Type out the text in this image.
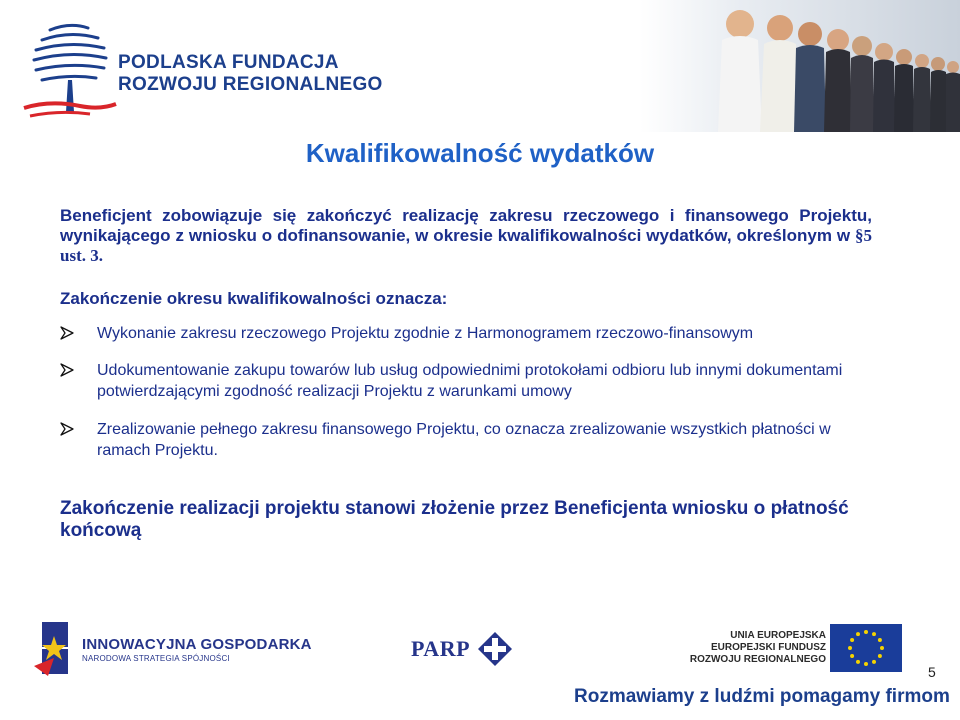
PODLASKA FUNDACJA
ROZWOJU REGIONALNEGO
Kwalifikowalność wydatków
Beneficjent zobowiązuje się zakończyć realizację zakresu rzeczowego i finansowego Projektu, wynikającego z wniosku o dofinansowanie, w okresie kwalifikowalności wydatków, określonym w §5 ust. 3.
Zakończenie okresu kwalifikowalności oznacza:
Wykonanie zakresu rzeczowego Projektu zgodnie z Harmonogramem rzeczowo-finansowym
Udokumentowanie zakupu towarów lub usług odpowiednimi protokołami odbioru lub innymi dokumentami potwierdzającymi zgodność realizacji Projektu z warunkami umowy
Zrealizowanie pełnego zakresu finansowego Projektu, co oznacza zrealizowanie wszystkich płatności w ramach Projektu.
Zakończenie realizacji projektu stanowi złożenie przez Beneficjenta wniosku o płatność końcową
INNOWACYJNA GOSPODARKA
NARODOWA STRATEGIA SPÓJNOŚCI	PARP
UNIA EUROPEJSKA
EUROPEJSKI FUNDUSZ
ROZWOJU REGIONALNEGO
5
Rozmawiamy z ludźmi pomagamy firmom
